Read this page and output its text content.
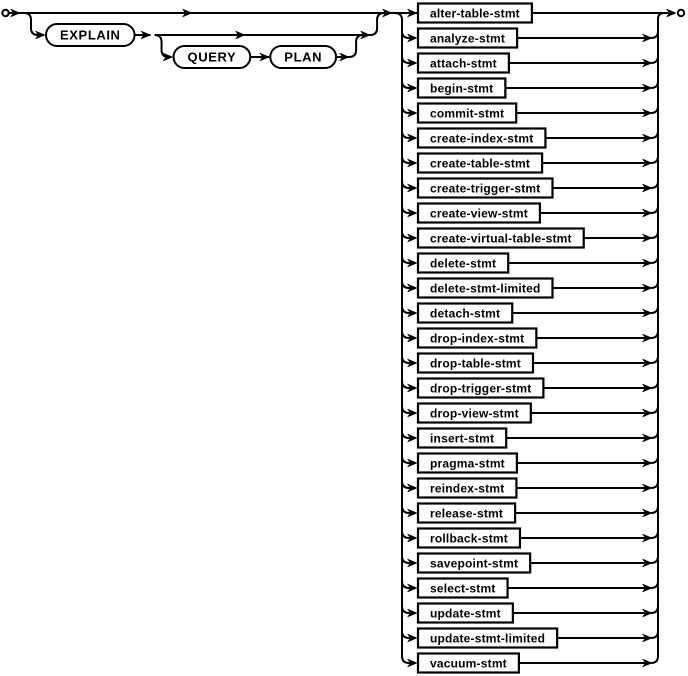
EXPLAIN
QUERY	PLAN
alter-table-stmt
analyze-stmt
attach-stmt
begin-stmt
commit-stmt
create-index-stmt
create-table-stmt
create-trigger-stmt
create-view-stmt
create-virtual-table-stmt
delete-stmt
delete-stmt-limited
detach-stmt
drop-index-stmt
drop-table-stmt
drop-trigger-stmt
drop-view-stmt
insert-stmt
pragma-stmt
reindex-stmt
release-stmt
rollback-stmt
savepoint-stmt
select-stmt
update-stmt
update-stmt-limited
vacuum-stmt
